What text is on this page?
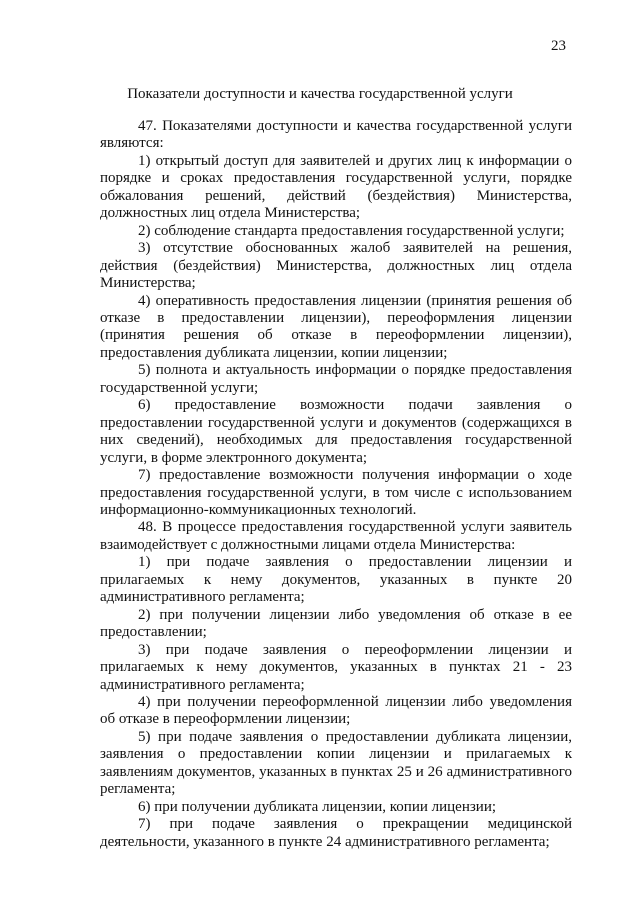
23
Показатели доступности и качества государственной услуги

47. Показателями доступности и качества государственной услуги являются:

1) открытый доступ для заявителей и других лиц к информации о порядке и сроках предоставления государственной услуги, порядке обжалования решений, действий (бездействия) Министерства, должностных лиц отдела Министерства;

2) соблюдение стандарта предоставления государственной услуги;

3) отсутствие обоснованных жалоб заявителей на решения, действия (бездействия) Министерства, должностных лиц отдела Министерства;

4) оперативность предоставления лицензии (принятия решения об отказе в предоставлении лицензии), переоформления лицензии (принятия решения об отказе в переоформлении лицензии), предоставления дубликата лицензии, копии лицензии;

5) полнота и актуальность информации о порядке предоставления государственной услуги;

6) предоставление возможности подачи заявления о предоставлении государственной услуги и документов (содержащихся в них сведений), необходимых для предоставления государственной услуги, в форме электронного документа;

7) предоставление возможности получения информации о ходе предоставления государственной услуги, в том числе с использованием информационно-коммуникационных технологий.

48. В процессе предоставления государственной услуги заявитель взаимодействует с должностными лицами отдела Министерства:

1) при подаче заявления о предоставлении лицензии и прилагаемых к нему документов, указанных в пункте 20 административного регламента;

2) при получении лицензии либо уведомления об отказе в ее предоставлении;

3) при подаче заявления о переоформлении лицензии и прилагаемых к нему документов, указанных в пунктах 21 - 23 административного регламента;

4) при получении переоформленной лицензии либо уведомления об отказе в переоформлении лицензии;

5) при подаче заявления о предоставлении дубликата лицензии, заявления о предоставлении копии лицензии и прилагаемых к заявлениям документов, указанных в пунктах 25 и 26 административного регламента;

6) при получении дубликата лицензии, копии лицензии;

7) при подаче заявления о прекращении медицинской деятельности, указанного в пункте 24 административного регламента;
